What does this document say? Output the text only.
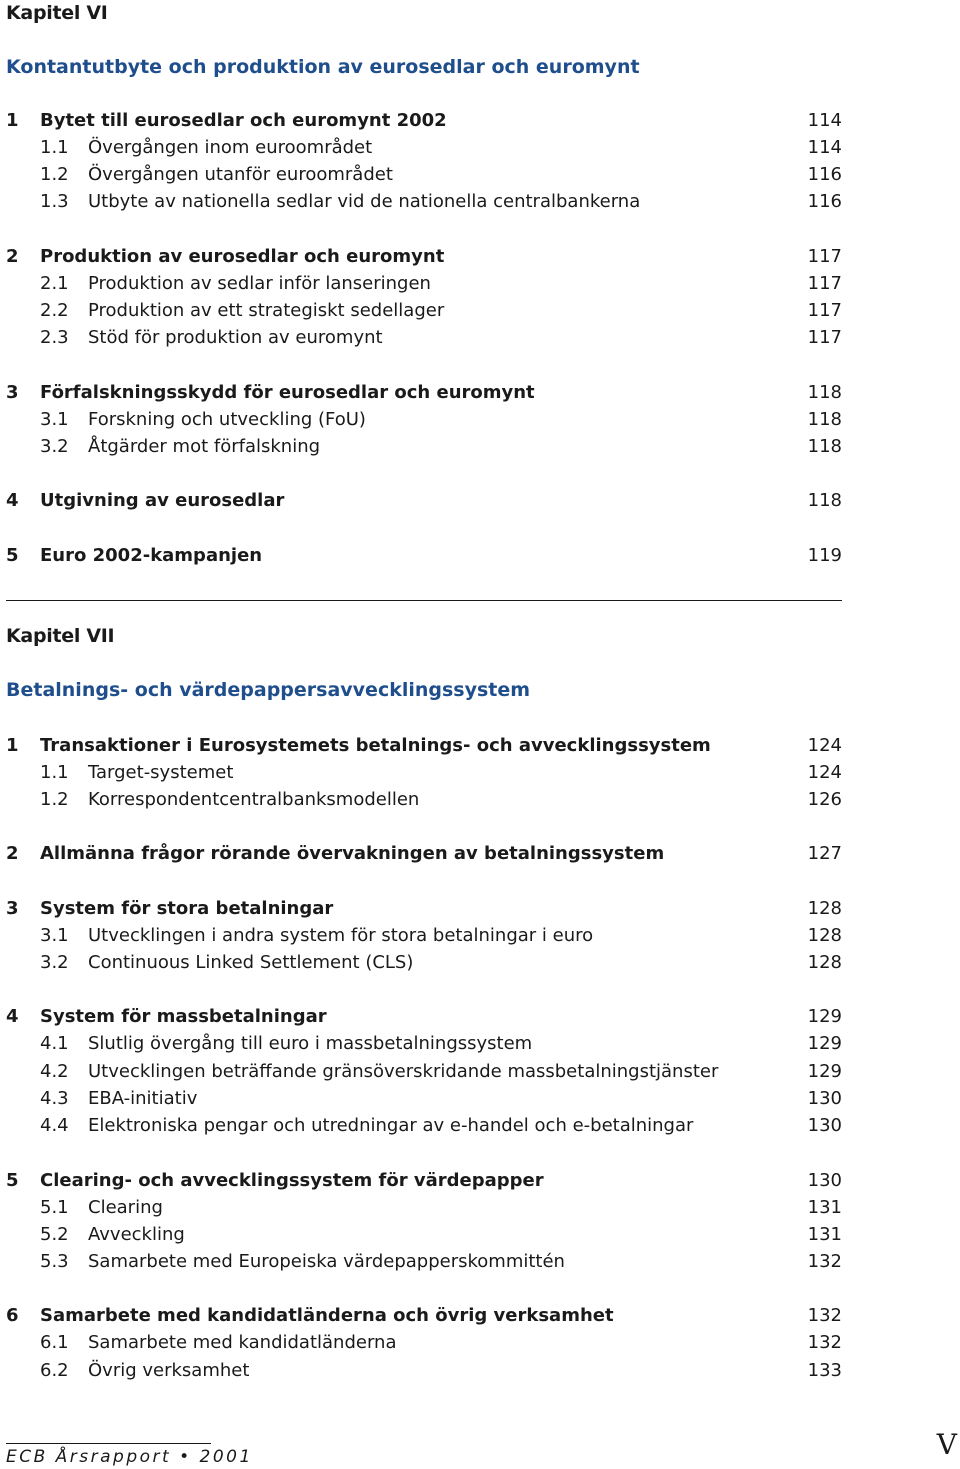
Kapitel VI
Kontantutbyte och produktion av eurosedlar och euromynt
1 Bytet till eurosedlar och euromynt 2002	114
1.1 Övergången inom euroområdet	114
1.2 Övergången utanför euroområdet	116
1.3 Utbyte av nationella sedlar vid de nationella centralbankerna	116
2 Produktion av eurosedlar och euromynt	117
2.1 Produktion av sedlar inför lanseringen	117
2.2 Produktion av ett strategiskt sedellager	117
2.3 Stöd för produktion av euromynt	117
3 Förfalskningsskydd för eurosedlar och euromynt	118
3.1 Forskning och utveckling (FoU)	118
3.2 Åtgärder mot förfalskning	118
4 Utgivning av eurosedlar	118
5 Euro 2002-kampanjen	119
Kapitel VII
Betalnings- och värdepappersavvecklingssystem
1 Transaktioner i Eurosystemets betalnings- och avvecklingssystem	124
1.1 Target-systemet	124
1.2 Korrespondentcentralbanksmodellen	126
2 Allmänna frågor rörande övervakningen av betalningssystem	127
3 System för stora betalningar	128
3.1 Utvecklingen i andra system för stora betalningar i euro	128
3.2 Continuous Linked Settlement (CLS)	128
4 System för massbetalningar	129
4.1 Slutlig övergång till euro i massbetalningssystem	129
4.2 Utvecklingen beträffande gränsöverskridande massbetalningstjänster	129
4.3 EBA-initiativ	130
4.4 Elektroniska pengar och utredningar av e-handel och e-betalningar	130
5 Clearing- och avvecklingssystem för värdepapper	130
5.1 Clearing	131
5.2 Avveckling	131
5.3 Samarbete med Europeiska värdepapperskommittén	132
6 Samarbete med kandidatländerna och övrig verksamhet	132
6.1 Samarbete med kandidatländerna	132
6.2 Övrig verksamhet	133
ECB Årsrapport • 2001	V
